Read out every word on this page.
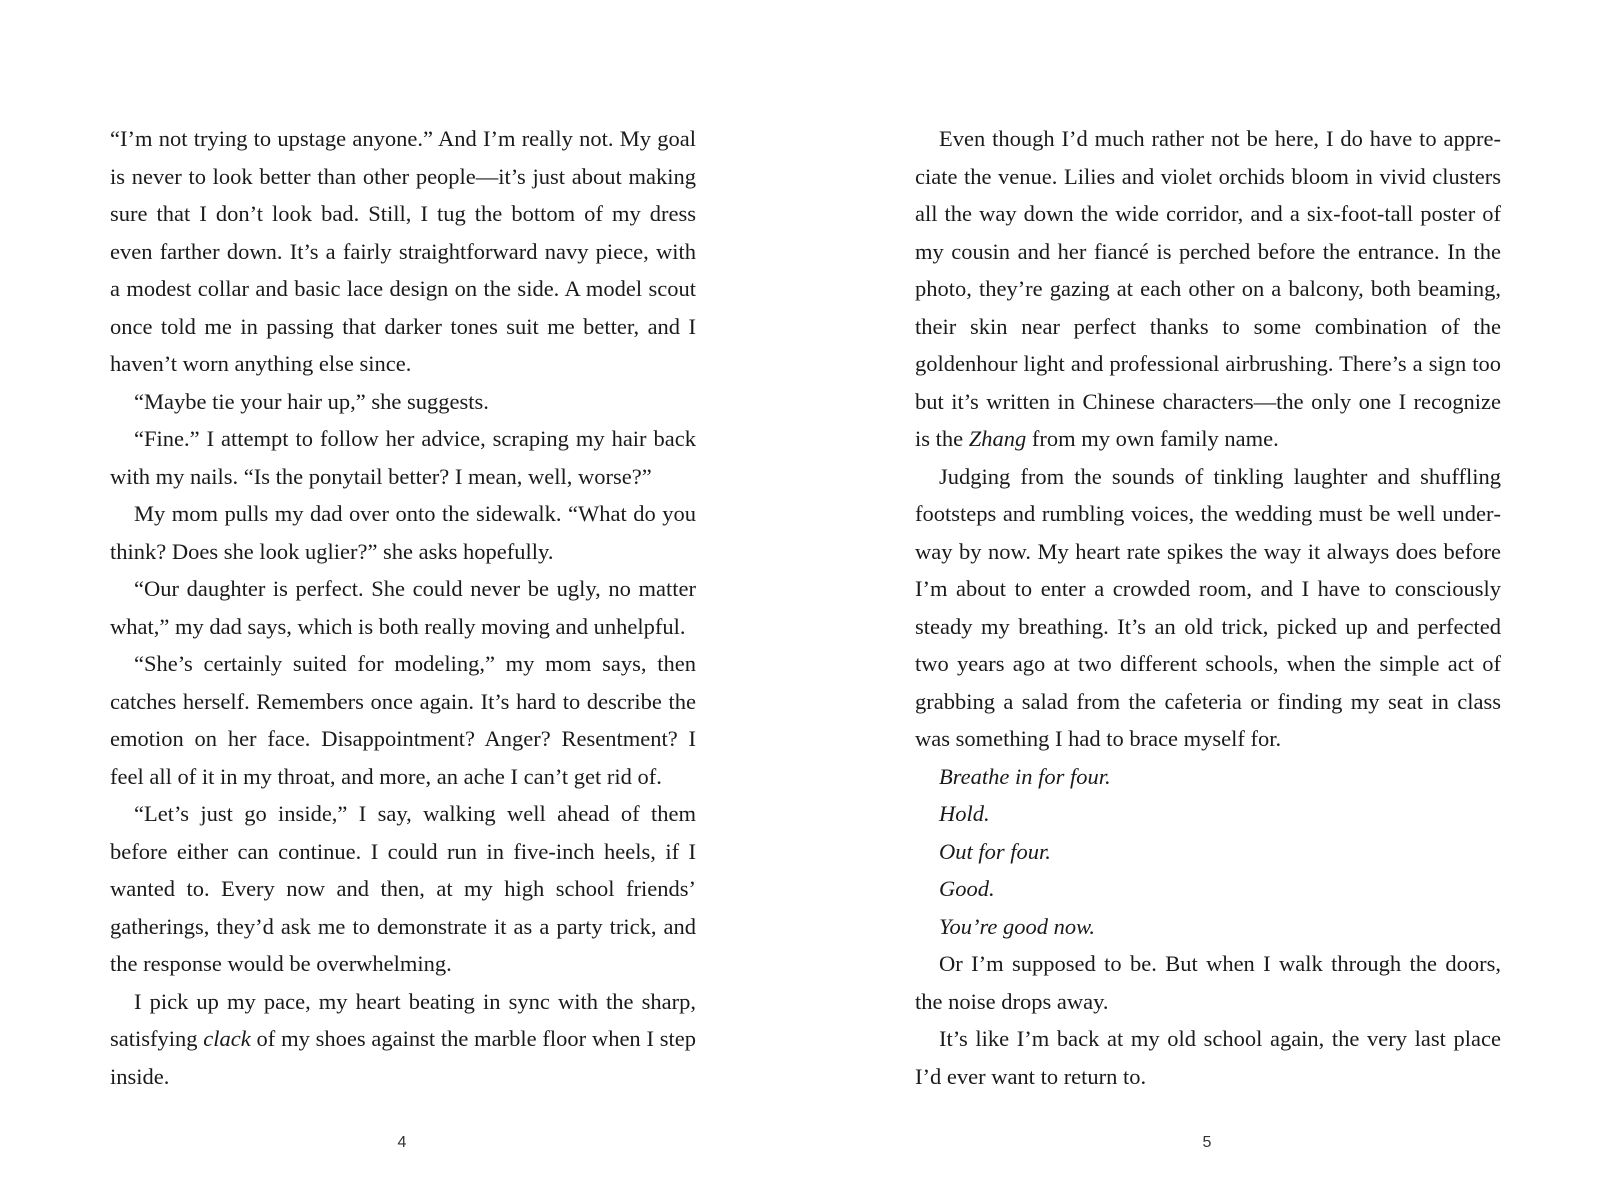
“I’m not trying to upstage anyone.” And I’m really not. My goal is never to look better than other people—it’s just about making sure that I don’t look bad. Still, I tug the bottom of my dress even farther down. It’s a fairly straightforward navy piece, with a modest collar and basic lace design on the side. A model scout once told me in passing that darker tones suit me better, and I haven’t worn anything else since.

“Maybe tie your hair up,” she suggests.

“Fine.” I attempt to follow her advice, scraping my hair back with my nails. “Is the ponytail better? I mean, well, worse?”

My mom pulls my dad over onto the sidewalk. “What do you think? Does she look uglier?” she asks hopefully.

“Our daughter is perfect. She could never be ugly, no matter what,” my dad says, which is both really moving and unhelpful.

“She’s certainly suited for modeling,” my mom says, then catches herself. Remembers once again. It’s hard to describe the emotion on her face. Disappointment? Anger? Resentment? I feel all of it in my throat, and more, an ache I can’t get rid of.

“Let’s just go inside,” I say, walking well ahead of them before either can continue. I could run in five-inch heels, if I wanted to. Every now and then, at my high school friends’ gatherings, they’d ask me to demonstrate it as a party trick, and the response would be overwhelming.

I pick up my pace, my heart beating in sync with the sharp, satisfying clack of my shoes against the marble floor when I step inside.

Even though I’d much rather not be here, I do have to appreciate the venue. Lilies and violet orchids bloom in vivid clusters all the way down the wide corridor, and a six-foot-tall poster of my cousin and her fiancé is perched before the entrance. In the photo, they’re gazing at each other on a balcony, both beaming, their skin near perfect thanks to some combination of the goldenhour light and professional airbrushing. There’s a sign too but it’s written in Chinese characters—the only one I recognize is the Zhang from my own family name.

Judging from the sounds of tinkling laughter and shuffling footsteps and rumbling voices, the wedding must be well underway by now. My heart rate spikes the way it always does before I’m about to enter a crowded room, and I have to consciously steady my breathing. It’s an old trick, picked up and perfected two years ago at two different schools, when the simple act of grabbing a salad from the cafeteria or finding my seat in class was something I had to brace myself for.

Breathe in for four.

Hold.

Out for four.

Good.

You’re good now.

Or I’m supposed to be. But when I walk through the doors, the noise drops away.

It’s like I’m back at my old school again, the very last place I’d ever want to return to.

4	5
